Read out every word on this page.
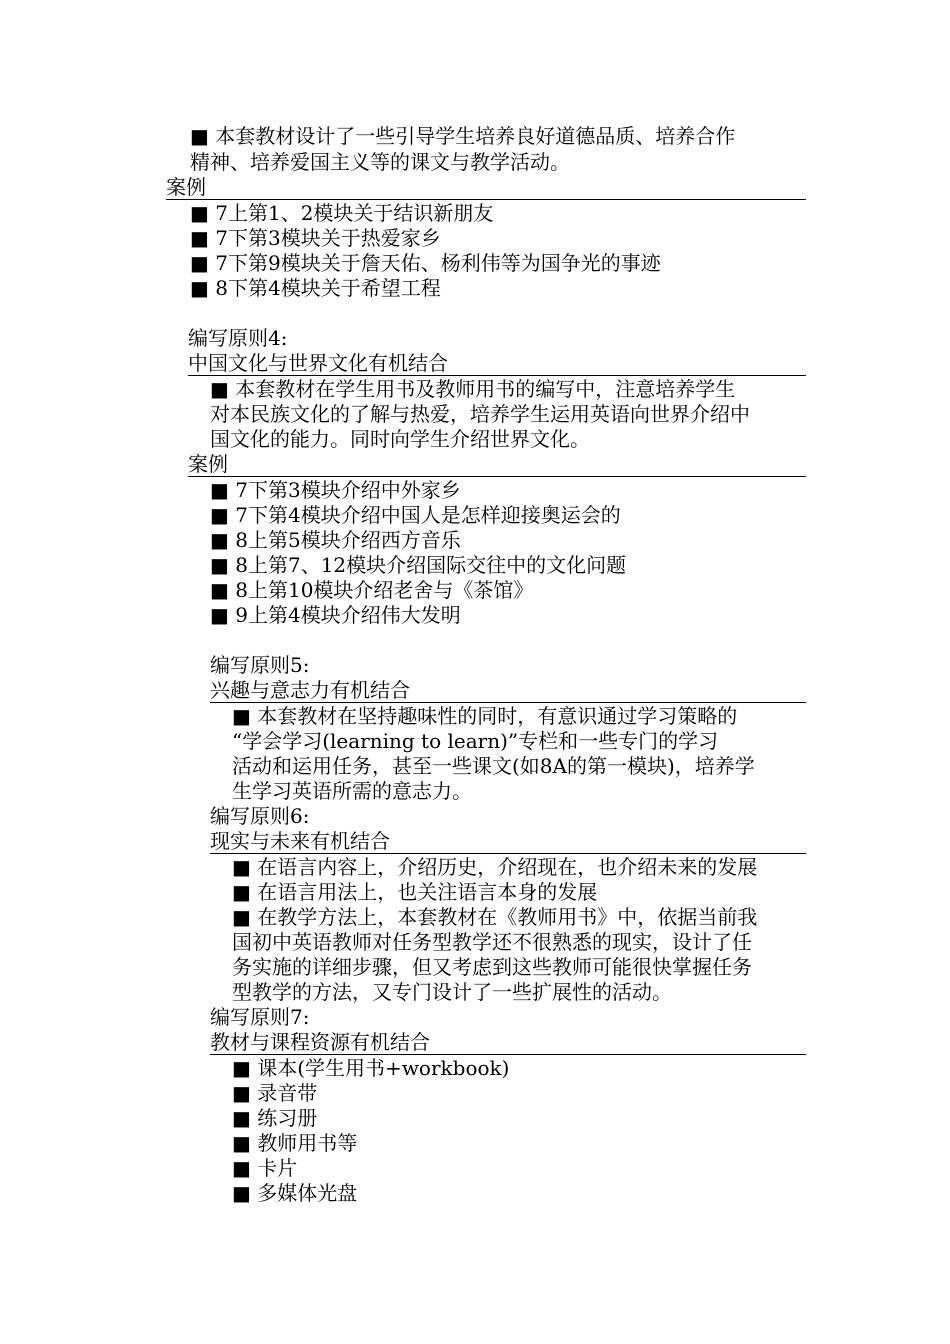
■ 本套教材设计了一些引导学生培养良好道德品质、培养合作
精神、培养爱国主义等的课文与教学活动。
案例
■ 7上第1、2模块关于结识新朋友
■ 7下第3模块关于热爱家乡
■ 7下第9模块关于詹天佑、杨利伟等为国争光的事迹
■ 8下第4模块关于希望工程
编写原则4:
中国文化与世界文化有机结合
■ 本套教材在学生用书及教师用书的编写中，注意培养学生
对本民族文化的了解与热爱，培养学生运用英语向世界介绍中
国文化的能力。同时向学生介绍世界文化。
案例
■ 7下第3模块介绍中外家乡
■ 7下第4模块介绍中国人是怎样迎接奥运会的
■ 8上第5模块介绍西方音乐
■ 8上第7、12模块介绍国际交往中的文化问题
■ 8上第10模块介绍老舍与《茶馆》
■ 9上第4模块介绍伟大发明
编写原则5:
兴趣与意志力有机结合
■ 本套教材在坚持趣味性的同时，有意识通过学习策略的
“学会学习(learning to learn)”专栏和一些专门的学习
活动和运用任务，甚至一些课文(如8A的第一模块)，培养学
生学习英语所需的意志力。
编写原则6:
现实与未来有机结合
■ 在语言内容上，介绍历史，介绍现在，也介绍未来的发展
■ 在语言用法上，也关注语言本身的发展
■ 在教学方法上，本套教材在《教师用书》中，依据当前我
国初中英语教师对任务型教学还不很熟悉的现实，设计了任
务实施的详细步骤，但又考虑到这些教师可能很快掌握任务
型教学的方法，又专门设计了一些扩展性的活动。
编写原则7:
教材与课程资源有机结合
■ 课本(学生用书+workbook)
■ 录音带
■ 练习册
■ 教师用书等
■ 卡片
■ 多媒体光盘
